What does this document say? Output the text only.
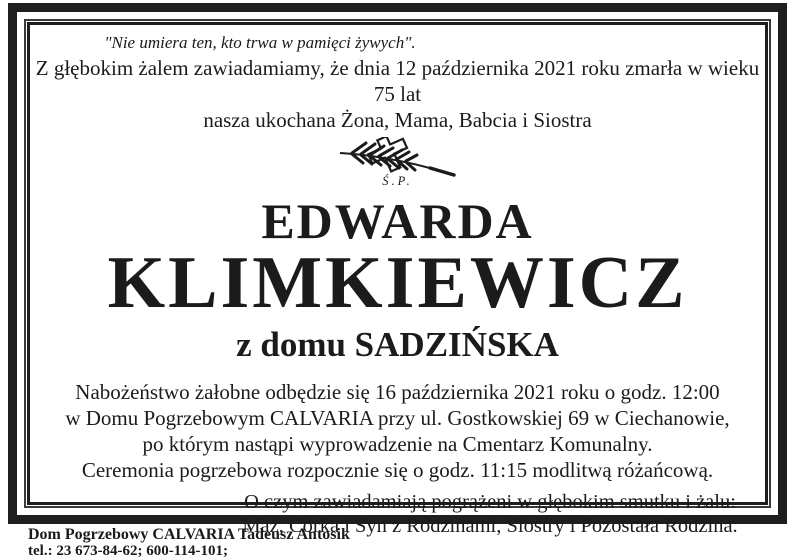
"Nie umiera ten, kto trwa w pamięci żywych".
Z głębokim żalem zawiadamiamy, że dnia 12 października 2021 roku zmarła w wieku 75 lat
nasza ukochana Żona, Mama, Babcia i Siostra
Ś.P.
EDWARDA
KLIMKIEWICZ
z domu SADZIŃSKA
Nabożeństwo żałobne odbędzie się 16 października 2021 roku o godz. 12:00
w Domu Pogrzebowym CALVARIA przy ul. Gostkowskiej 69 w Ciechanowie,
po którym nastąpi wyprowadzenie na Cmentarz Komunalny.
Ceremonia pogrzebowa rozpocznie się o godz. 11:15 modlitwą różańcową.
O czym zawiadamiają pogrążeni w głębokim smutku i żalu:
Mąż, Córka i Syn z Rodzinami, Siostry i Pozostała Rodzina.
Dom Pogrzebowy CALVARIA Tadeusz Antosik
tel.: 23 673-84-62; 600-114-101;
